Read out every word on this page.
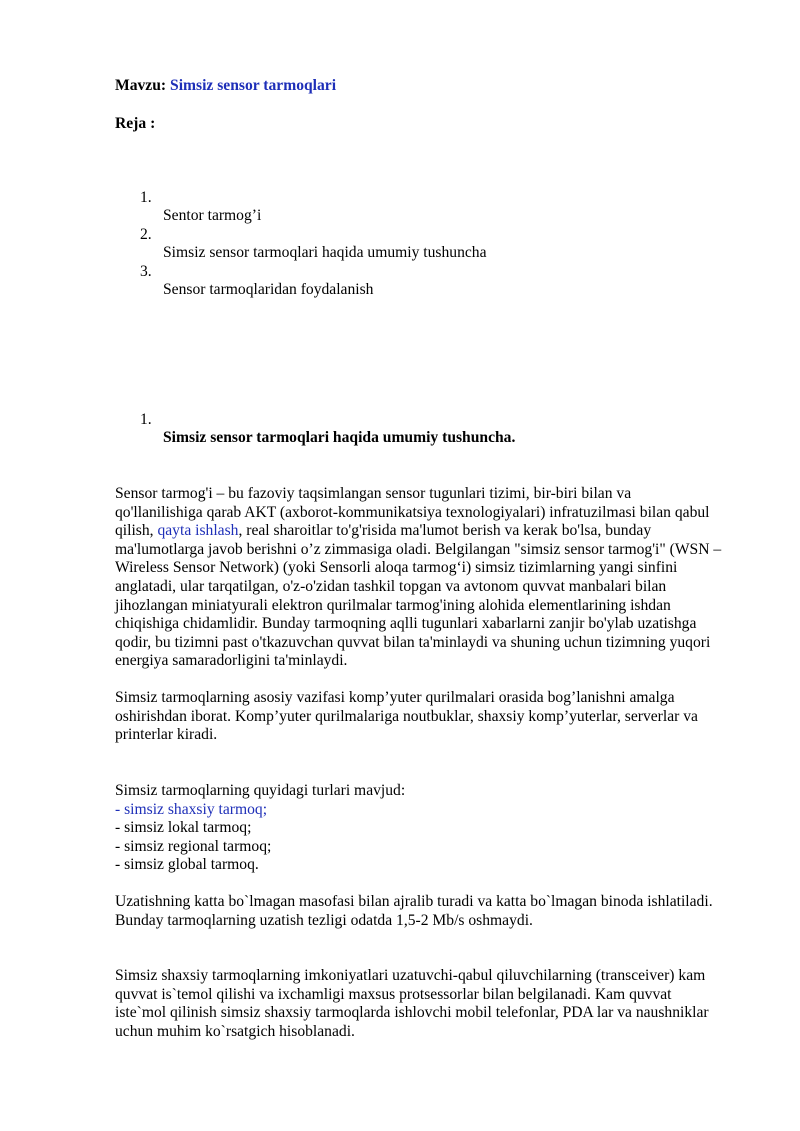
Mavzu: Simsiz sensor tarmoqlari
Reja :
1.
Sentor tarmog’i
2.
Simsiz sensor tarmoqlari haqida umumiy tushuncha
3.
Sensor tarmoqlaridan foydalanish
1.
Simsiz sensor tarmoqlari haqida umumiy tushuncha.
Sensor tarmog'i – bu fazoviy taqsimlangan sensor tugunlari tizimi, bir-biri bilan va
qo'llanilishiga qarab AKT (axborot-kommunikatsiya texnologiyalari) infratuzilmasi bilan qabul
qilish, qayta ishlash, real sharoitlar to'g'risida ma'lumot berish va kerak bo'lsa, bunday
ma'lumotlarga javob berishni o’z zimmasiga oladi. Belgilangan "simsiz sensor tarmog'i" (WSN –
Wireless Sensor Network) (yoki Sensorli aloqa tarmog‘i) simsiz tizimlarning yangi sinfini
anglatadi, ular tarqatilgan, o'z-o'zidan tashkil topgan va avtonom quvvat manbalari bilan
jihozlangan miniatyurali elektron qurilmalar tarmog'ining alohida elementlarining ishdan
chiqishiga chidamlidir. Bunday tarmoqning aqlli tugunlari xabarlarni zanjir bo'ylab uzatishga
qodir, bu tizimni past o'tkazuvchan quvvat bilan ta'minlaydi va shuning uchun tizimning yuqori
energiya samaradorligini ta'minlaydi.
Simsiz tarmoqlarning asosiy vazifasi komp’yuter qurilmalari orasida bog’lanishni amalga
oshirishdan iborat. Komp’yuter qurilmalariga noutbuklar, shaxsiy komp’yuterlar, serverlar va
printerlar kiradi.
Simsiz tarmoqlarning quyidagi turlari mavjud:
- simsiz shaxsiy tarmoq;
- simsiz lokal tarmoq;
- simsiz regional tarmoq;
- simsiz global tarmoq.
Uzatishning katta bo`lmagan masofasi bilan ajralib turadi va katta bo`lmagan binoda ishlatiladi.
Bunday tarmoqlarning uzatish tezligi odatda 1,5-2 Mb/s oshmaydi.
Simsiz shaxsiy tarmoqlarning imkoniyatlari uzatuvchi-qabul qiluvchilarning (transceiver) kam
quvvat is`temol qilishi va ixchamligi maxsus protsessorlar bilan belgilanadi. Kam quvvat
iste`mol qilinish simsiz shaxsiy tarmoqlarda ishlovchi mobil telefonlar, PDA lar va naushniklar
uchun muhim ko`rsatgich hisoblanadi.
